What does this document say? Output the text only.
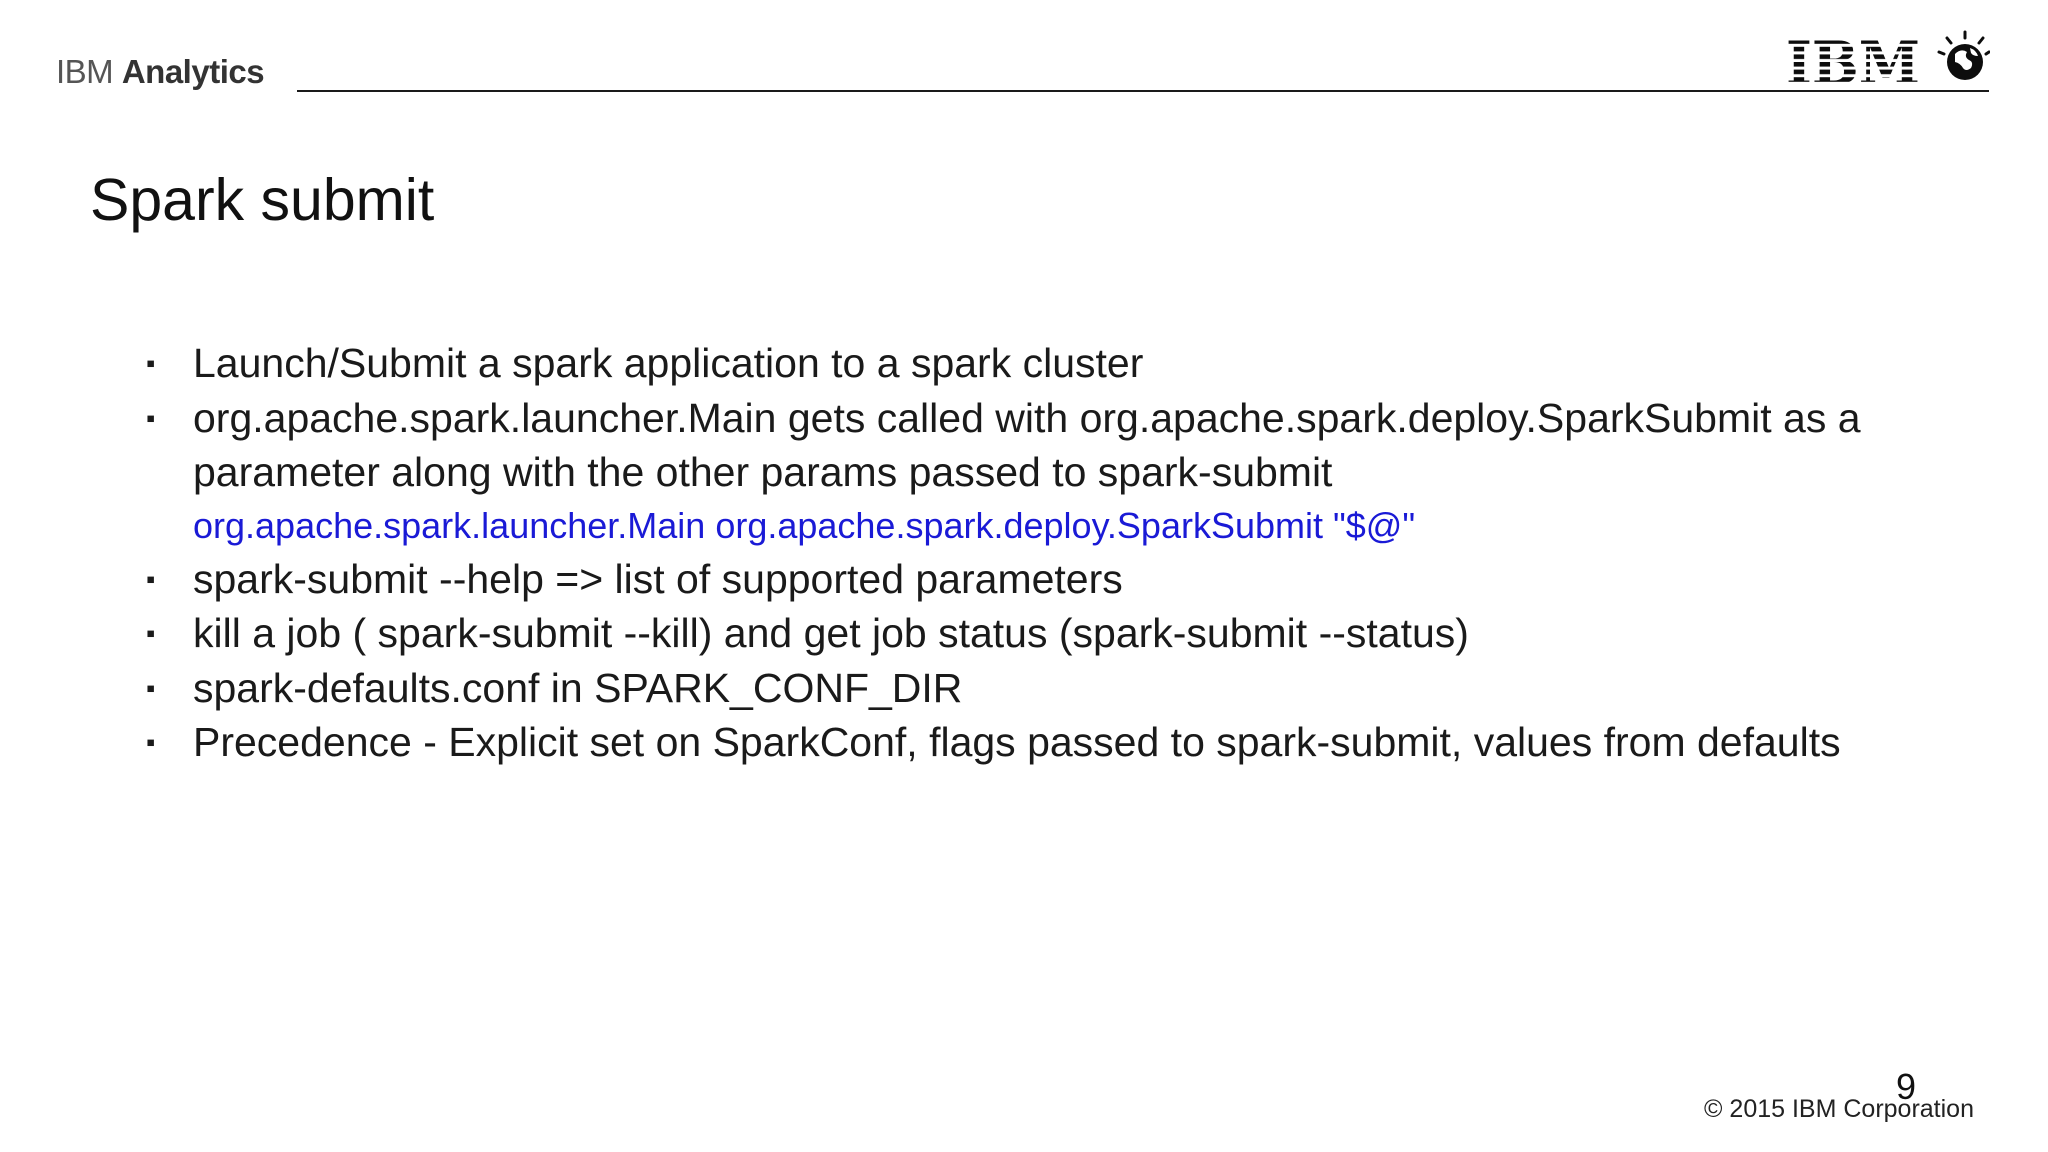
IBM Analytics	IBM
Spark submit
▪ Launch/Submit a spark application to a spark cluster
▪ org.apache.spark.launcher.Main gets called with org.apache.spark.deploy.SparkSubmit as a parameter along with the other params passed to spark-submit
org.apache.spark.launcher.Main org.apache.spark.deploy.SparkSubmit "$@"
▪ spark-submit --help => list of supported parameters
▪ kill a job ( spark-submit --kill) and get job status (spark-submit --status)
▪ spark-defaults.conf in SPARK_CONF_DIR
▪ Precedence - Explicit set on SparkConf, flags passed to spark-submit, values from defaults
9
© 2015 IBM Corporation
